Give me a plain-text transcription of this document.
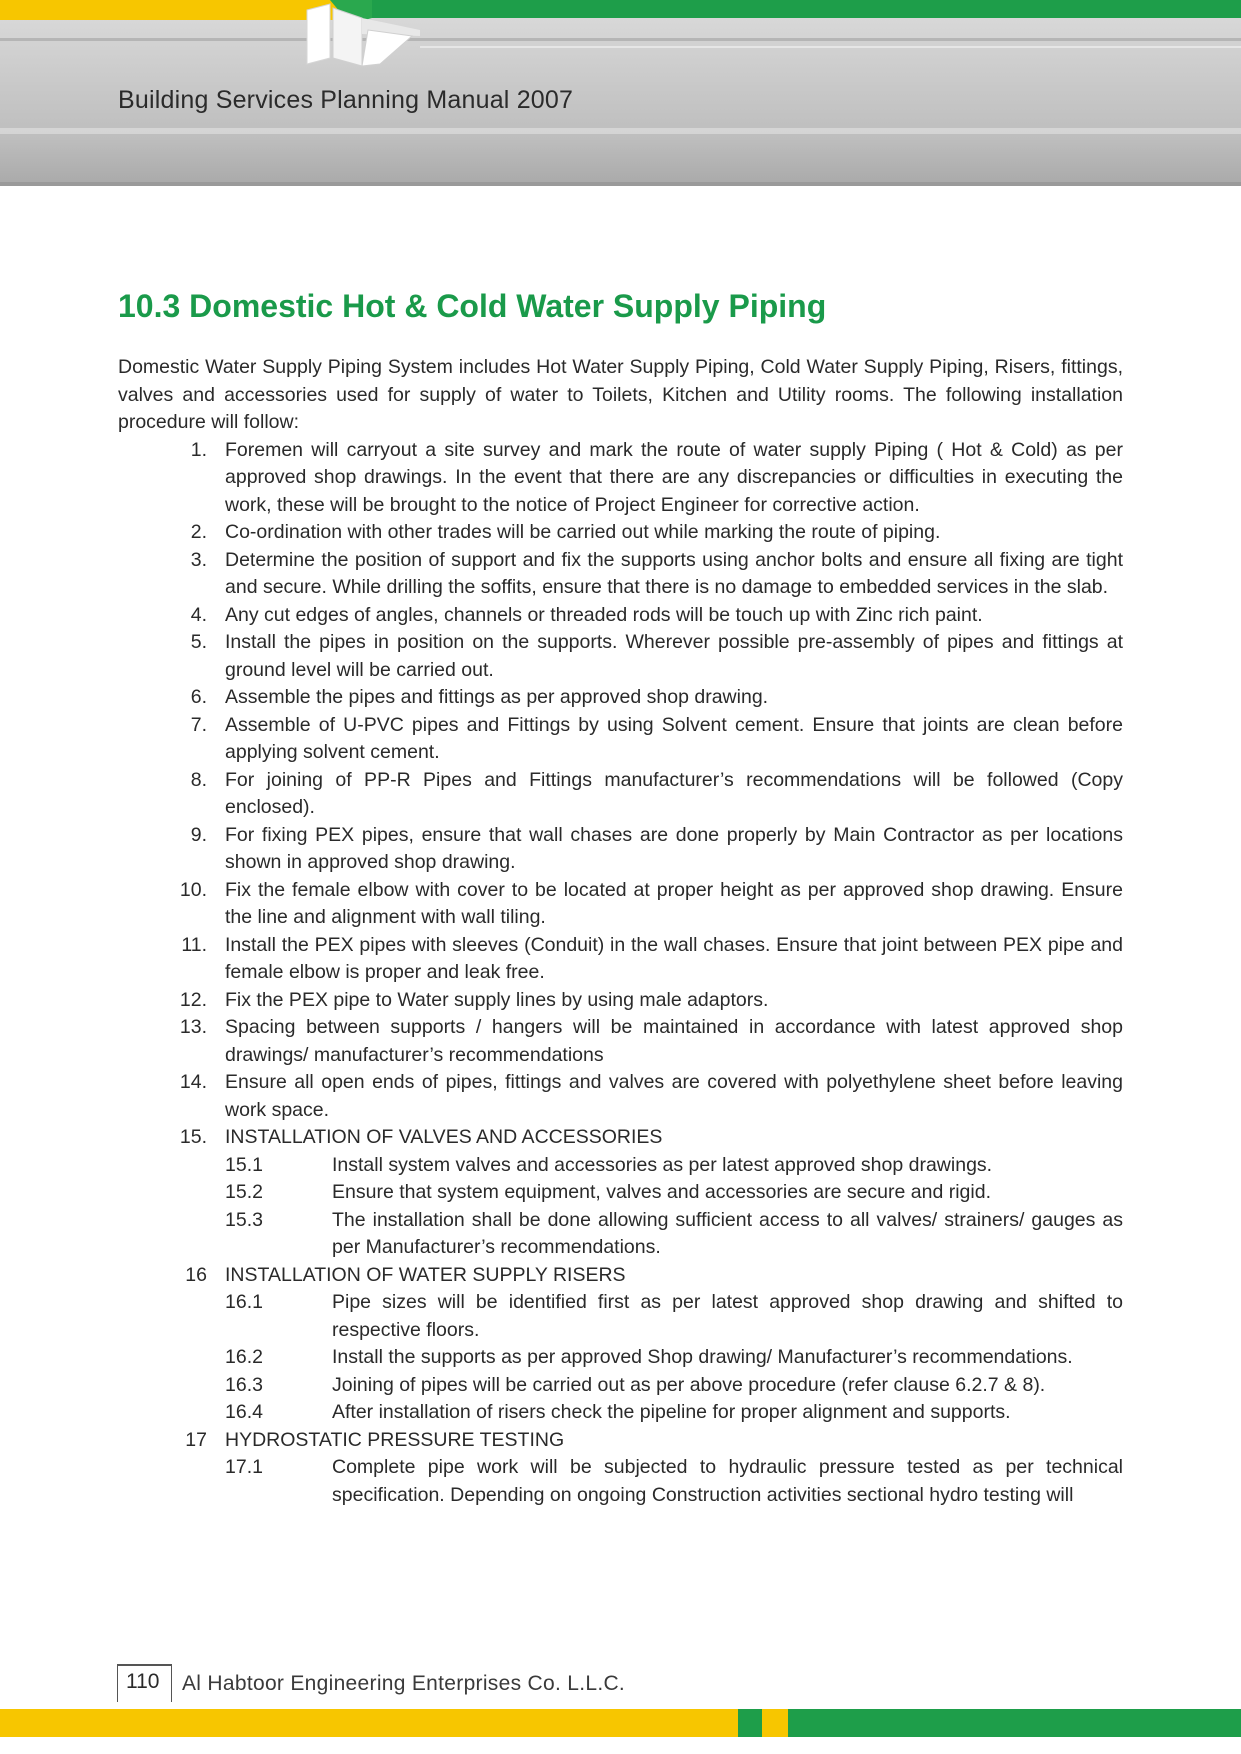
Building Services Planning Manual 2007
10.3 Domestic Hot & Cold Water Supply Piping

Domestic Water Supply Piping System includes Hot Water Supply Piping, Cold Water Supply Piping, Risers, fittings, valves and accessories used for supply of water to Toilets, Kitchen and Utility rooms. The following installation procedure will follow:

1. Foremen will carryout a site survey and mark the route of water supply Piping ( Hot & Cold) as per approved shop drawings. In the event that there are any discrepancies or difficulties in executing the work, these will be brought to the notice of Project Engineer for corrective action.
2. Co-ordination with other trades will be carried out while marking the route of piping.
3. Determine the position of support and fix the supports using anchor bolts and ensure all fixing are tight and secure. While drilling the soffits, ensure that there is no damage to embedded services in the slab.
4. Any cut edges of angles, channels or threaded rods will be touch up with Zinc rich paint.
5. Install the pipes in position on the supports. Wherever possible pre-assembly of pipes and fittings at ground level will be carried out.
6. Assemble the pipes and fittings as per approved shop drawing.
7. Assemble of U-PVC pipes and Fittings by using Solvent cement. Ensure that joints are clean before applying solvent cement.
8. For joining of PP-R Pipes and Fittings manufacturer’s recommendations will be followed (Copy enclosed).
9. For fixing PEX pipes, ensure that wall chases are done properly by Main Contractor as per locations shown in approved shop drawing.
10. Fix the female elbow with cover to be located at proper height as per approved shop drawing. Ensure the line and alignment with wall tiling.
11. Install the PEX pipes with sleeves (Conduit) in the wall chases. Ensure that joint between PEX pipe and female elbow is proper and leak free.
12. Fix the PEX pipe to Water supply lines by using male adaptors.
13. Spacing between supports / hangers will be maintained in accordance with latest approved shop drawings/ manufacturer’s recommendations
14. Ensure all open ends of pipes, fittings and valves are covered with polyethylene sheet before leaving work space.
15. INSTALLATION OF VALVES AND ACCESSORIES
15.1	Install system valves and accessories as per latest approved shop drawings.
15.2	Ensure that system equipment, valves and accessories are secure and rigid.
15.3	The installation shall be done allowing sufficient access to all valves/ strainers/ gauges as per Manufacturer’s recommendations.
16 INSTALLATION OF WATER SUPPLY RISERS
16.1	Pipe sizes will be identified first as per latest approved shop drawing and shifted to respective floors.
16.2	Install the supports as per approved Shop drawing/ Manufacturer’s recommendations.
16.3	Joining of pipes will be carried out as per above procedure (refer clause 6.2.7 & 8).
16.4	After installation of risers check the pipeline for proper alignment and supports.
17 HYDROSTATIC PRESSURE TESTING
17.1	Complete pipe work will be subjected to hydraulic pressure tested as per technical specification. Depending on ongoing Construction activities sectional hydro testing will
110 Al Habtoor Engineering Enterprises Co. L.L.C.
